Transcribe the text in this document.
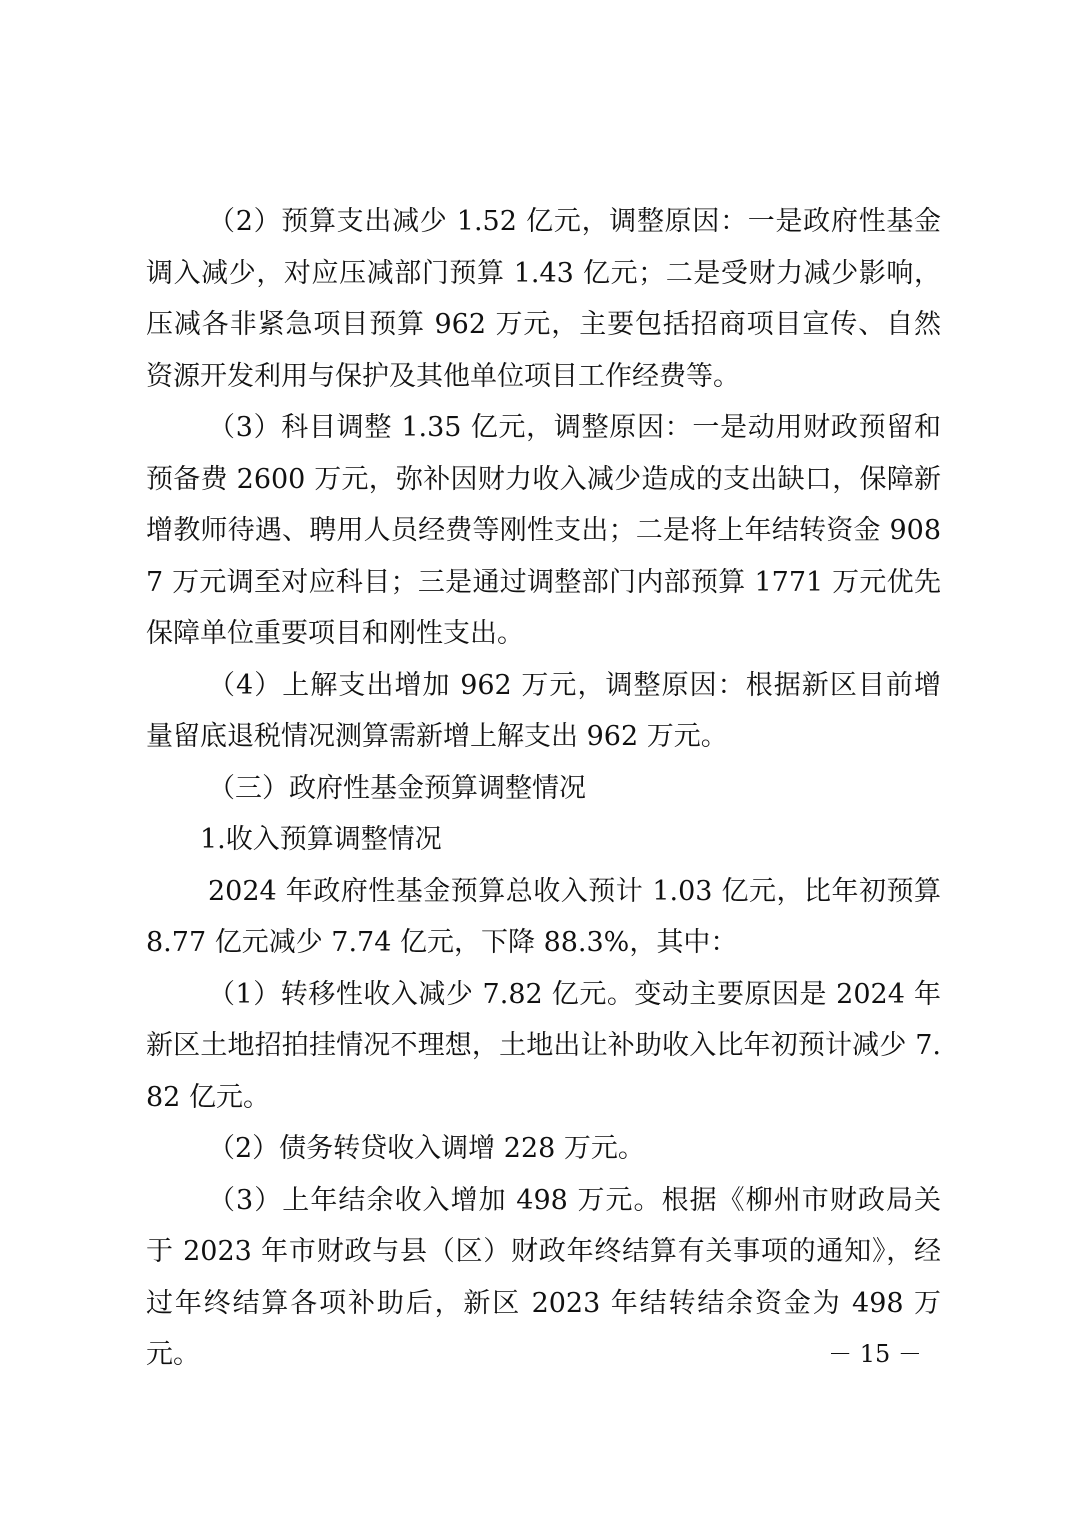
（2）预算支出减少 1.52 亿元，调整原因：一是政府性基金调入减少，对应压减部门预算 1.43 亿元；二是受财力减少影响，压减各非紧急项目预算 962 万元，主要包括招商项目宣传、自然资源开发利用与保护及其他单位项目工作经费等。

（3）科目调整 1.35 亿元，调整原因：一是动用财政预留和预备费 2600 万元，弥补因财力收入减少造成的支出缺口，保障新增教师待遇、聘用人员经费等刚性支出；二是将上年结转资金 9087 万元调至对应科目；三是通过调整部门内部预算 1771 万元优先保障单位重要项目和刚性支出。

（4）上解支出增加 962 万元，调整原因：根据新区目前增量留底退税情况测算需新增上解支出 962 万元。

（三）政府性基金预算调整情况

1.收入预算调整情况

2024 年政府性基金预算总收入预计 1.03 亿元，比年初预算 8.77 亿元减少 7.74 亿元，下降 88.3%，其中：

（1）转移性收入减少 7.82 亿元。变动主要原因是 2024 年新区土地招拍挂情况不理想，土地出让补助收入比年初预计减少 7.82 亿元。

（2）债务转贷收入调增 228 万元。

（3）上年结余收入增加 498 万元。根据《柳州市财政局关于 2023 年市财政与县（区）财政年终结算有关事项的通知》，经过年终结算各项补助后，新区 2023 年结转结余资金为 498 万元。	－ 15 －
